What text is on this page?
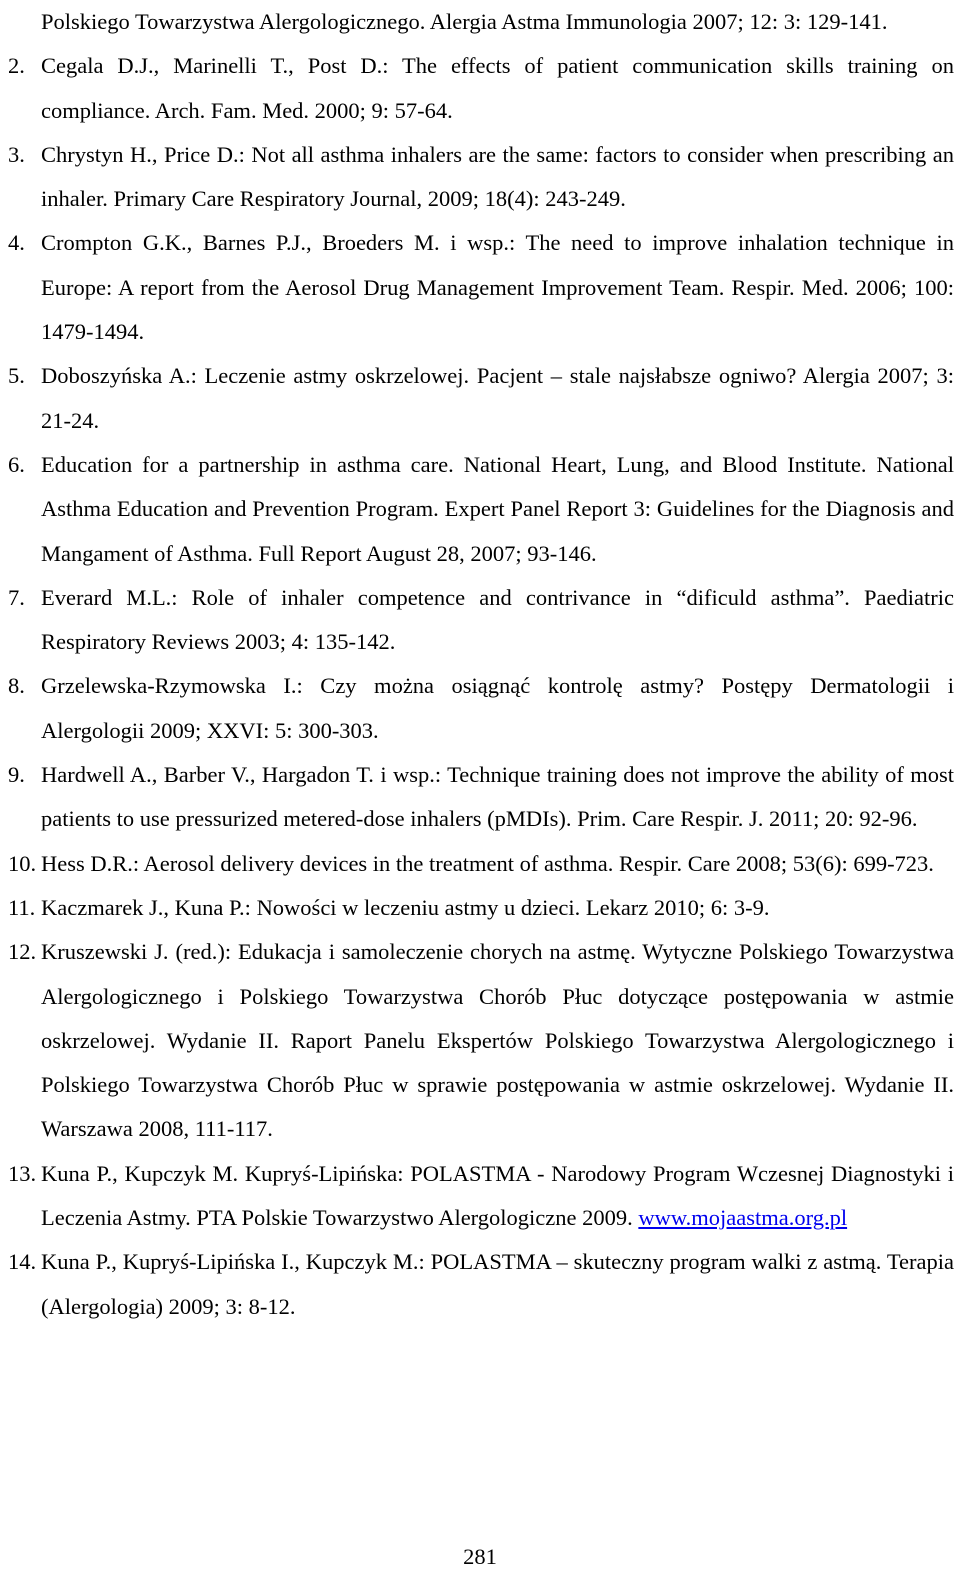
Polskiego Towarzystwa Alergologicznego. Alergia Astma Immunologia 2007; 12: 3: 129-141.
2. Cegala D.J., Marinelli T., Post D.: The effects of patient communication skills training on compliance. Arch. Fam. Med. 2000; 9: 57-64.
3. Chrystyn H., Price D.: Not all asthma inhalers are the same: factors to consider when prescribing an inhaler. Primary Care Respiratory Journal, 2009; 18(4): 243-249.
4. Crompton G.K., Barnes P.J., Broeders M. i wsp.: The need to improve inhalation technique in Europe: A report from the Aerosol Drug Management Improvement Team. Respir. Med. 2006; 100: 1479-1494.
5. Doboszyńska A.: Leczenie astmy oskrzelowej. Pacjent – stale najsłabsze ogniwo? Alergia 2007; 3: 21-24.
6. Education for a partnership in asthma care. National Heart, Lung, and Blood Institute. National Asthma Education and Prevention Program. Expert Panel Report 3: Guidelines for the Diagnosis and Mangament of Asthma. Full Report August 28, 2007; 93-146.
7. Everard M.L.: Role of inhaler competence and contrivance in “dificuld asthma”. Paediatric Respiratory Reviews 2003; 4: 135-142.
8. Grzelewska-Rzymowska I.: Czy można osiągnąć kontrolę astmy? Postępy Dermatologii i Alergologii 2009; XXVI: 5: 300-303.
9. Hardwell A., Barber V., Hargadon T. i wsp.: Technique training does not improve the ability of most patients to use pressurized metered-dose inhalers (pMDIs). Prim. Care Respir. J. 2011; 20: 92-96.
10. Hess D.R.: Aerosol delivery devices in the treatment of asthma. Respir. Care 2008; 53(6): 699-723.
11. Kaczmarek J., Kuna P.: Nowości w leczeniu astmy u dzieci. Lekarz 2010; 6: 3-9.
12. Kruszewski J. (red.): Edukacja i samoleczenie chorych na astmę. Wytyczne Polskiego Towarzystwa Alergologicznego i Polskiego Towarzystwa Chorób Płuc dotyczące postępowania w astmie oskrzelowej. Wydanie II. Raport Panelu Ekspertów Polskiego Towarzystwa Alergologicznego i Polskiego Towarzystwa Chorób Płuc w sprawie postępowania w astmie oskrzelowej. Wydanie II. Warszawa 2008, 111-117.
13. Kuna P., Kupczyk M. Kupryś-Lipińska: POLASTMA - Narodowy Program Wczesnej Diagnostyki i Leczenia Astmy. PTA Polskie Towarzystwo Alergologiczne 2009. www.mojaastma.org.pl
14. Kuna P., Kupryś-Lipińska I., Kupczyk M.: POLASTMA – skuteczny program walki z astmą. Terapia (Alergologia) 2009; 3: 8-12.
281
